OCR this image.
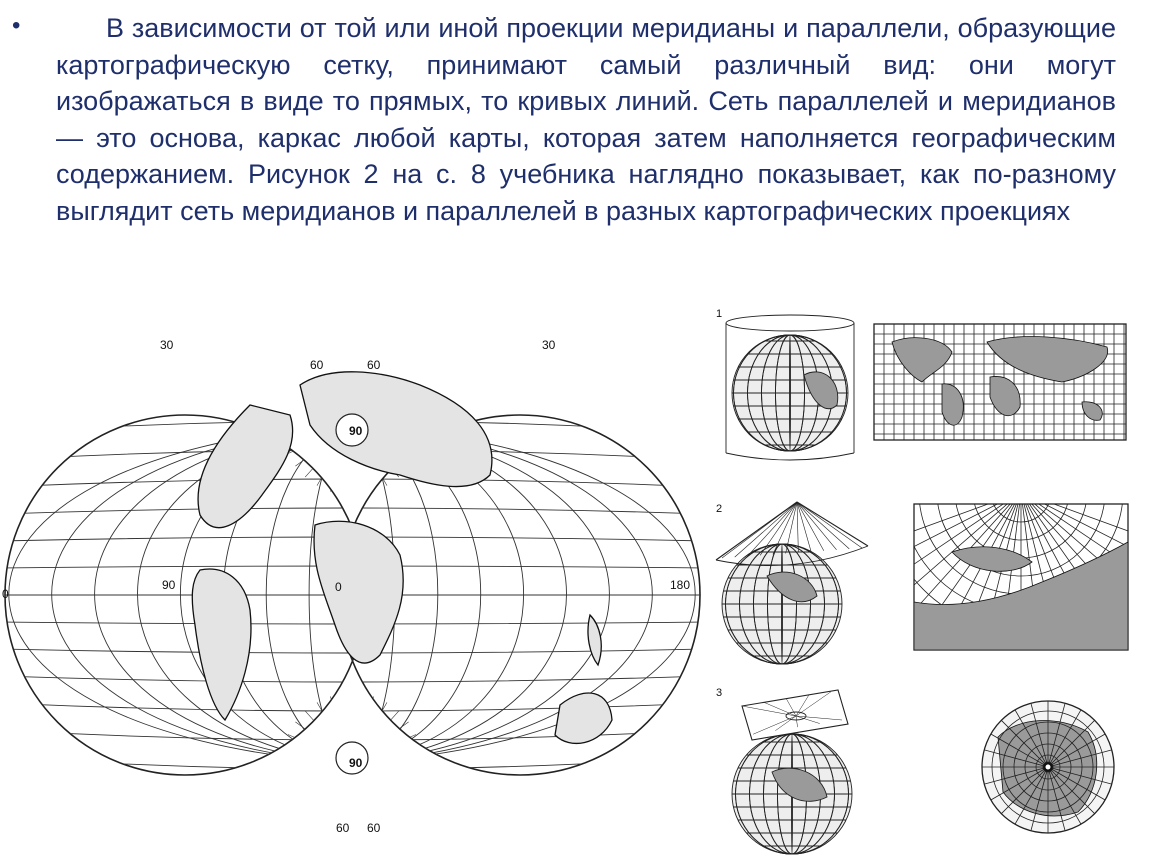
•	В зависимости от той или иной проекции меридианы и параллели, образующие картографическую сетку, принимают самый различный вид: они могут изображаться в виде то прямых, то кривых линий. Сеть параллелей и меридианов — это основа, каркас любой карты, которая затем наполняется географическим содержанием. Рисунок 2 на с. 8 учебника наглядно показывает, как по-разному выглядит сеть меридианов и параллелей в разных картографических проекциях
30	30
60	60
90
0
90	0	180
90
60 60
1
2
3
